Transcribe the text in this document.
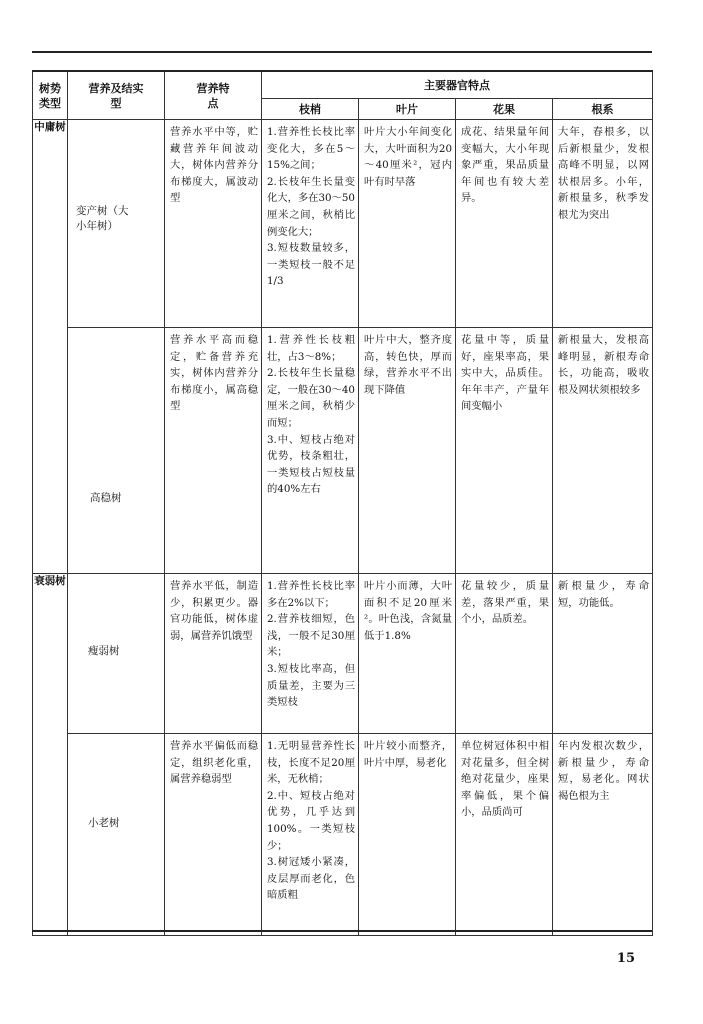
树势类型	营养及结实型	营养特点	主要器官特点			
			枝梢	叶片	花果	根系
中庸树	变产树（大小年树）	营养水平中等，贮藏营养年间波动大，树体内营养分布梯度大，属波动型	1.营养性长枝比率变化大，多在5～15%之间；
2.长枝年生长量变化大，多在30～50厘米之间，秋梢比例变化大；
3.短枝数量较多，一类短枝一般不足1/3	叶片大小年间变化大，大叶面积为20～40厘米²，冠内叶有时早落	成花、结果量年间变幅大，大小年现象严重，果品质量年间也有较大差异。	大年，春根多，以后新根量少，发根高峰不明显，以网状根居多。小年，新根量多，秋季发根尤为突出

	高稳树	营养水平高而稳定，贮备营养充实，树体内营养分布梯度小，属高稳型	1.营养性长枝粗壮，占3～8%；
2.长枝年生长量稳定，一般在30～40厘米之间，秋梢少而短；
3.中、短枝占绝对优势，枝条粗壮，一类短枝占短枝量的40%左右	叶片中大，整齐度高，转色快，厚而绿，营养水平不出现下降值	花量中等，质量好，座果率高，果实中大，品质佳。年年丰产，产量年间变幅小	新根量大，发根高峰明显，新根寿命长，功能高，吸收根及网状须根较多

衰弱树	瘦弱树	营养水平低，制造少，积累更少。器官功能低，树体虚弱，属营养饥饿型	1.营养性长枝比率多在2%以下；
2.营养枝细短，色浅，一般不足30厘米；
3.短枝比率高，但质量差，主要为三类短枝	叶片小而薄，大叶面积不足20厘米²。叶色浅，含氮量低于1.8%	花量较少，质量差，落果严重，果个小，品质差。	新根量少，寿命短，功能低。

	小老树	营养水平偏低而稳定，组织老化重，属营养稳弱型	1.无明显营养性长枝，长度不足20厘米，无秋梢；
2.中、短枝占绝对优势，几乎达到100%。一类短枝少；
3.树冠矮小紧凑，皮层厚而老化，色暗质粗	叶片较小而整齐，叶片中厚，易老化	单位树冠体积中相对花量多，但全树绝对花量少，座果率偏低，果个偏小，品质尚可	年内发根次数少，新根量少，寿命短，易老化。网状褐色根为主
15
